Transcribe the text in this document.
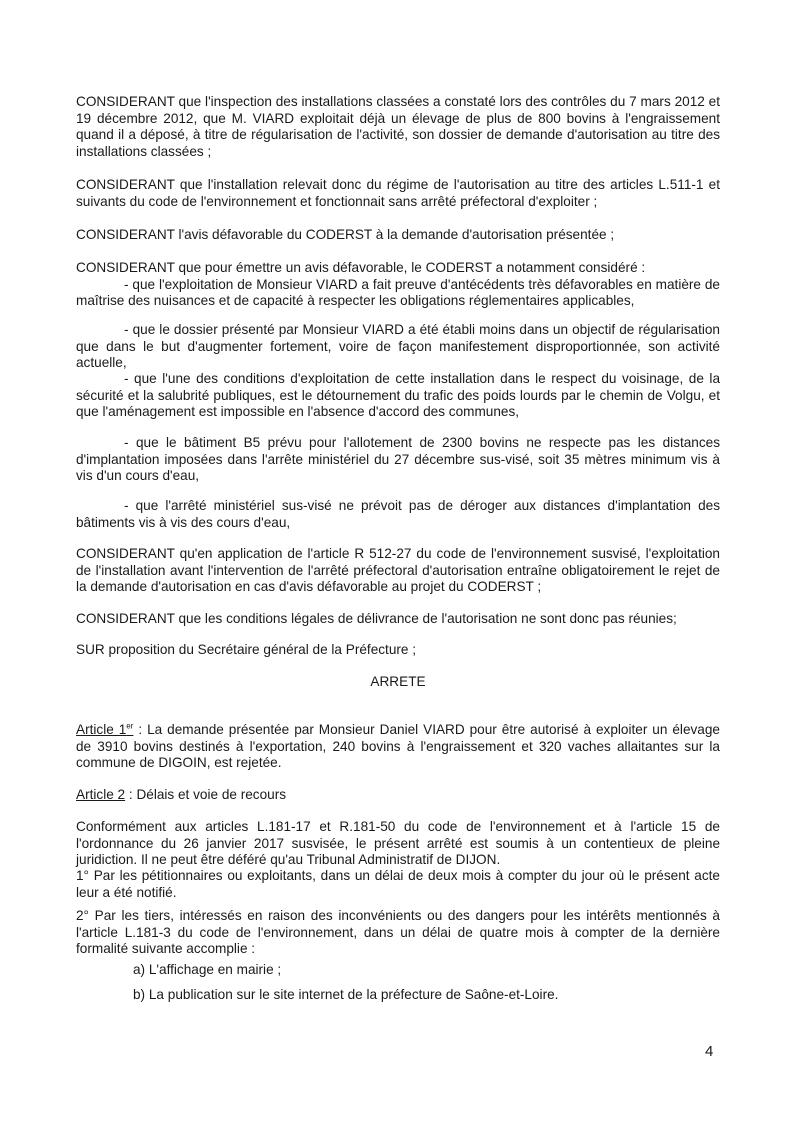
CONSIDERANT que l'inspection des installations classées a constaté lors des contrôles du 7 mars 2012 et 19 décembre 2012, que M. VIARD exploitait déjà un élevage de plus de 800 bovins à l'engraissement quand il a déposé, à titre de régularisation de l'activité, son dossier de demande d'autorisation au titre des installations classées ;

CONSIDERANT que l'installation relevait donc du régime de l'autorisation au titre des articles L.511-1 et suivants du code de l'environnement et fonctionnait sans arrêté préfectoral d'exploiter ;

CONSIDERANT l'avis défavorable du CODERST à la demande d'autorisation présentée ;

CONSIDERANT que pour émettre un avis défavorable, le CODERST a notamment considéré :
- que l'exploitation de Monsieur VIARD a fait preuve d'antécédents très défavorables en matière de maîtrise des nuisances et de capacité à respecter les obligations réglementaires applicables,

- que le dossier présenté par Monsieur VIARD a été établi moins dans un objectif de régularisation que dans le but d'augmenter fortement, voire de façon manifestement disproportionnée, son activité actuelle,

- que l'une des conditions d'exploitation de cette installation dans le respect du voisinage, de la sécurité et la salubrité publiques, est le détournement du trafic des poids lourds par le chemin de Volgu, et que l'aménagement est impossible en l'absence d'accord des communes,

- que le bâtiment B5 prévu pour l'allotement de 2300 bovins ne respecte pas les distances d'implantation imposées dans l'arrête ministériel du 27 décembre sus-visé, soit 35 mètres minimum vis à vis d'un cours d'eau,

- que l'arrêté ministériel sus-visé ne prévoit pas de déroger aux distances d'implantation des bâtiments vis à vis des cours d'eau,

CONSIDERANT qu'en application de l'article R 512-27 du code de l'environnement susvisé, l'exploitation de l'installation avant l'intervention de l'arrêté préfectoral d'autorisation entraîne obligatoirement le rejet de la demande d'autorisation en cas d'avis défavorable au projet du CODERST ;

CONSIDERANT que les conditions légales de délivrance de l'autorisation ne sont donc pas réunies;

SUR proposition du Secrétaire général de la Préfecture ;

ARRETE

Article 1er : La demande présentée par Monsieur Daniel VIARD pour être autorisé à exploiter un élevage de 3910 bovins destinés à l'exportation, 240 bovins à l'engraissement et 320 vaches allaitantes sur la commune de DIGOIN, est rejetée.

Article 2 : Délais et voie de recours

Conformément aux articles L.181-17 et R.181-50 du code de l'environnement et à l'article 15 de l'ordonnance du 26 janvier 2017 susvisée, le présent arrêté est soumis à un contentieux de pleine juridiction. Il ne peut être déféré qu'au Tribunal Administratif de DIJON.

1° Par les pétitionnaires ou exploitants, dans un délai de deux mois à compter du jour où le présent acte leur a été notifié.

2° Par les tiers, intéressés en raison des inconvénients ou des dangers pour les intérêts mentionnés à l'article L.181-3 du code de l'environnement, dans un délai de quatre mois à compter de la dernière formalité suivante accomplie :

a) L'affichage en mairie ;

b) La publication sur le site internet de la préfecture de Saône-et-Loire.

4
